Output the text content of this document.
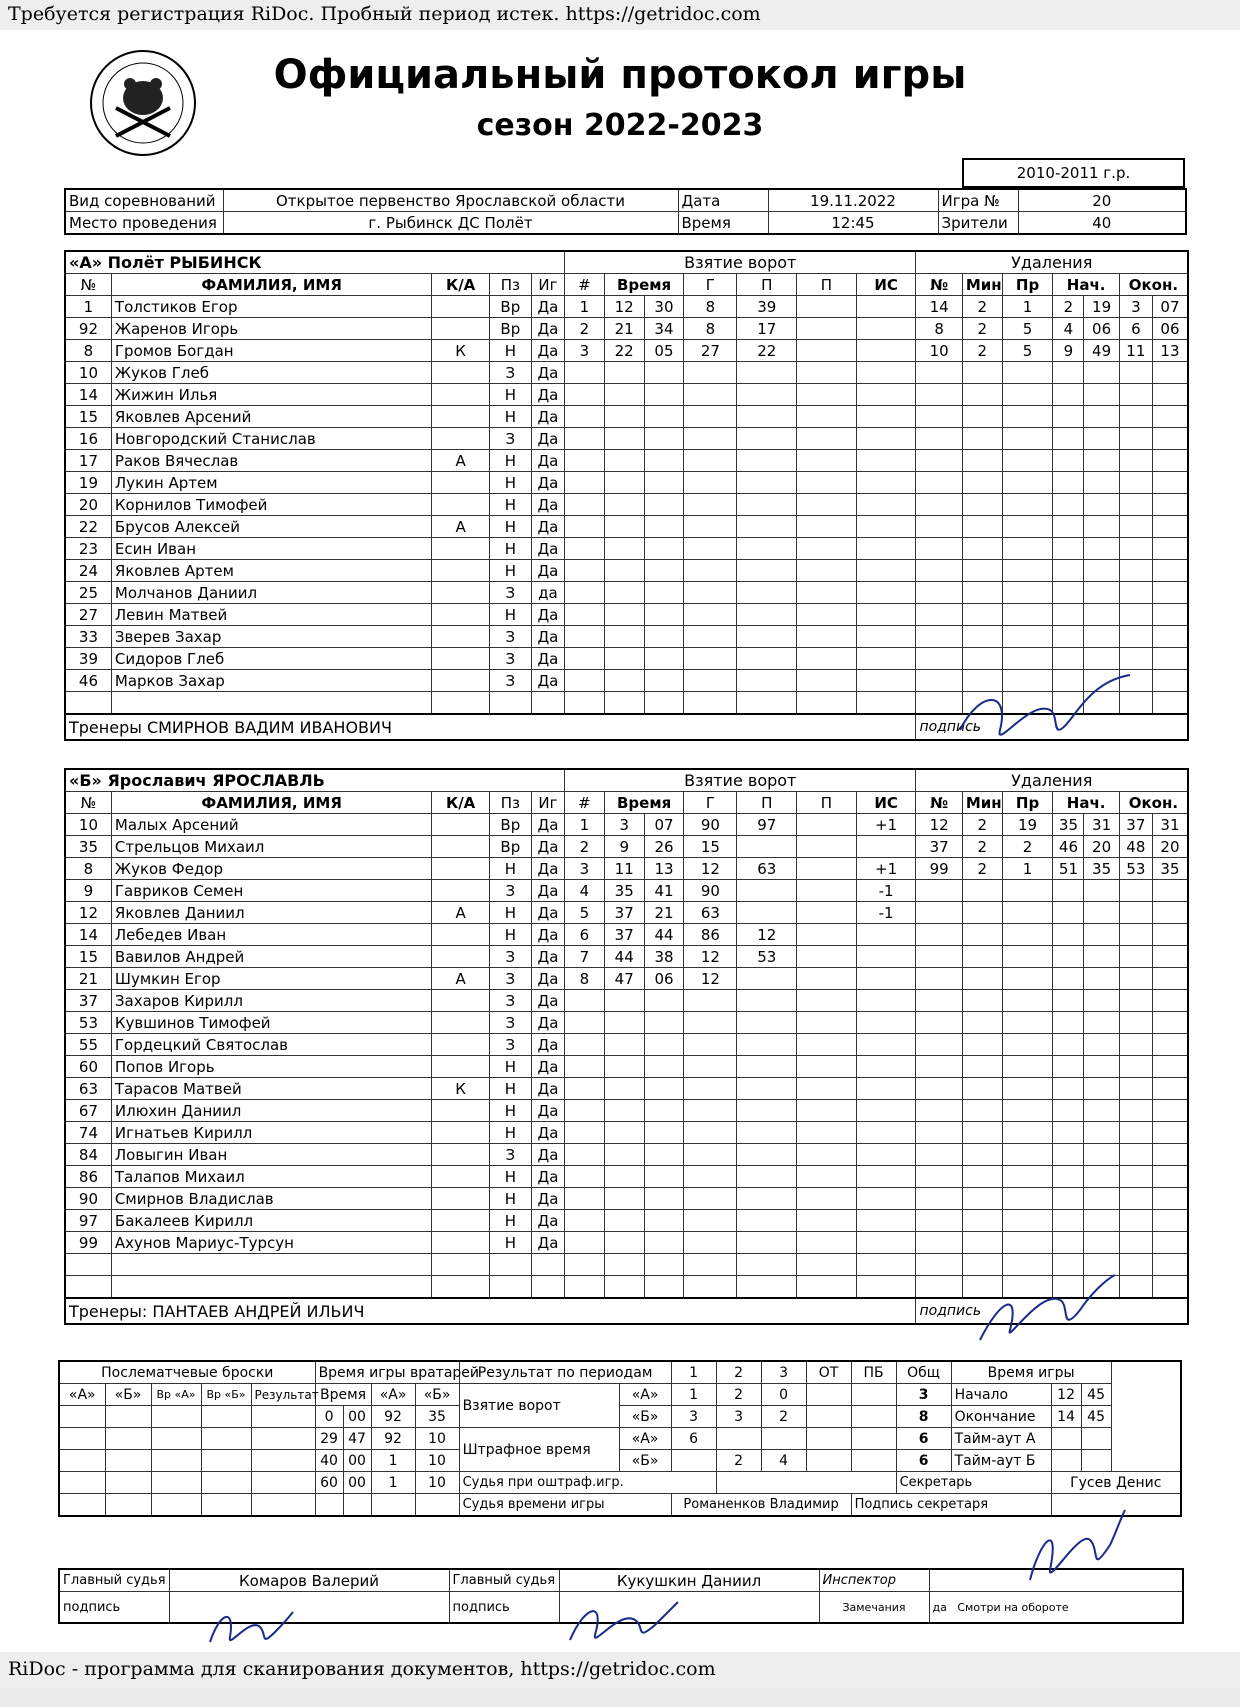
Требуется регистрация RiDoc. Пробный период истек. https://getridoc.com
Официальный протокол игры
сезон 2022-2023
2010-2011 г.р.
Вид соревнований	Открытое первенство Ярославской области	Дата	19.11.2022	Игра №	20
Место проведения	г. Рыбинск ДС Полёт	Время	12:45	Зрители	40
«А» Полёт РЫБИНСК					Взятие ворот							Удаления						
№	ФАМИЛИЯ, ИМЯ	К/А	Пз	Иг	#	Время		Г	П	П	ИС	№	Мин	Пр	Нач.		Окон.	
1	Толстиков Егор		Вр	Да	1	12	30	8	39			14	2	1	2	19	3	07
92	Жаренов Игорь		Вр	Да	2	21	34	8	17			8	2	5	4	06	6	06
8	Громов Богдан	К	Н	Да	3	22	05	27	22			10	2	5	9	49	11	13
10	Жуков Глеб		З	Да														
14	Жижин Илья		Н	Да														
15	Яковлев Арсений		Н	Да														
16	Новгородский Станислав		З	Да														
17	Раков Вячеслав	А	Н	Да														
19	Лукин Артем		Н	Да														
20	Корнилов Тимофей		Н	Да														
22	Брусов Алексей	А	Н	Да														
23	Есин Иван		Н	Да														
24	Яковлев Артем		Н	Да														
25	Молчанов Даниил		З	да														
27	Левин Матвей		Н	Да														
33	Зверев Захар		З	Да														
39	Сидоров Глеб		З	Да														
46	Марков Захар		З	Да														

Тренеры СМИРНОВ ВАДИМ ИВАНОВИЧ												подпись						
«Б» Ярославич ЯРОСЛАВЛЬ					Взятие ворот							Удаления						
№	ФАМИЛИЯ, ИМЯ	К/А	Пз	Иг	#	Время		Г	П	П	ИС	№	Мин	Пр	Нач.		Окон.	
10	Малых Арсений		Вр	Да	1	3	07	90	97		+1	12	2	19	35	31	37	31
35	Стрельцов Михаил		Вр	Да	2	9	26	15				37	2	2	46	20	48	20
8	Жуков Федор		Н	Да	3	11	13	12	63		+1	99	2	1	51	35	53	35
9	Гавриков Семен		З	Да	4	35	41	90			-1							
12	Яковлев Даниил	А	Н	Да	5	37	21	63			-1							
14	Лебедев Иван		Н	Да	6	37	44	86	12									
15	Вавилов Андрей		З	Да	7	44	38	12	53									
21	Шумкин Егор	А	З	Да	8	47	06	12										
37	Захаров Кирилл		З	Да														
53	Кувшинов Тимофей		З	Да														
55	Гордецкий Святослав		З	Да														
60	Попов Игорь		Н	Да														
63	Тарасов Матвей	К	Н	Да														
67	Илюхин Даниил		Н	Да														
74	Игнатьев Кирилл		Н	Да														
84	Ловыгин Иван		З	Да														
86	Талапов Михаил		Н	Да														
90	Смирнов Владислав		Н	Да														
97	Бакалеев Кирилл		Н	Да														
99	Ахунов Мариус-Турсун		Н	Да														

Тренеры: ПАНТАЕВ АНДРЕЙ ИЛЬИЧ												подпись						
Послематчевые броски					Время игры вратарей				Результат по периодам		1	2	3	ОТ	ПБ	Общ	Время игры		
«А»	«Б»	Вр «А»	Вр «Б»	Результат	Время		«А»	«Б»	Взятие ворот	«А»	1	2	0			3	Начало	12	45
					0	00	92	35		«Б»	3	3	2			8	Окончание	14	45
					29	47	92	10	Штрафное время	«А»	6					6	Тайм-аут А		
					40	00	1	10		«Б»		2	4			6	Тайм-аут Б		
					60	00	1	10	Судья при оштраф.игр.							Секретарь		Гусев Денис	
									Судья времени игры		Романенков Владимир				Подпись секретаря				
Главный судья	Комаров Валерий	Главный судья	Кукушкин Даниил	Инспектор	
подпись		подпись		Замечания	да Смотри на обороте
RiDoc - программа для сканирования документов, https://getridoc.com
